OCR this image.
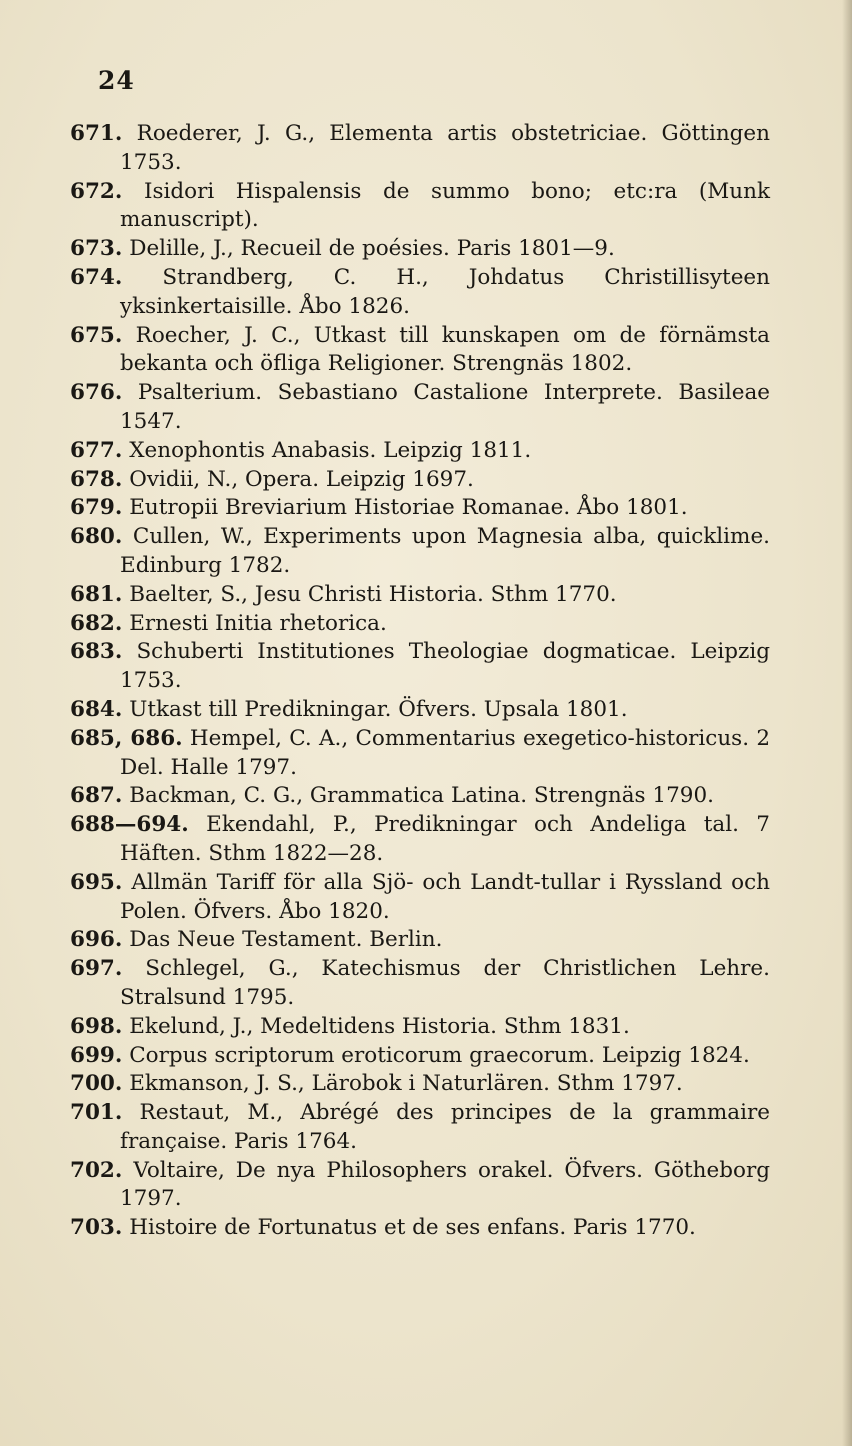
24

671. Roederer, J. G., Elementa artis obstetriciae. Göttingen 1753.

672. Isidori Hispalensis de summo bono; etc:ra (Munk manuscript).

673. Delille, J., Recueil de poésies. Paris 1801—9.

674. Strandberg, C. H., Johdatus Christillisyteen yksinkertaisille. Åbo 1826.

675. Roecher, J. C., Utkast till kunskapen om de förnämsta bekanta och öfliga Religioner. Strengnäs 1802.

676. Psalterium. Sebastiano Castalione Interprete. Basileae 1547.

677. Xenophontis Anabasis. Leipzig 1811.

678. Ovidii, N., Opera. Leipzig 1697.

679. Eutropii Breviarium Historiae Romanae. Åbo 1801.

680. Cullen, W., Experiments upon Magnesia alba, quicklime. Edinburg 1782.

681. Baelter, S., Jesu Christi Historia. Sthm 1770.

682. Ernesti Initia rhetorica.

683. Schuberti Institutiones Theologiae dogmaticae. Leipzig 1753.

684. Utkast till Predikningar. Öfvers. Upsala 1801.

685, 686. Hempel, C. A., Commentarius exegetico-historicus. 2 Del. Halle 1797.

687. Backman, C. G., Grammatica Latina. Strengnäs 1790.

688—694. Ekendahl, P., Predikningar och Andeliga tal. 7 Häften. Sthm 1822—28.

695. Allmän Tariff för alla Sjö- och Landt-tullar i Ryssland och Polen. Öfvers. Åbo 1820.

696. Das Neue Testament. Berlin.

697. Schlegel, G., Katechismus der Christlichen Lehre. Stralsund 1795.

698. Ekelund, J., Medeltidens Historia. Sthm 1831.

699. Corpus scriptorum eroticorum graecorum. Leipzig 1824.

700. Ekmanson, J. S., Lärobok i Naturlären. Sthm 1797.

701. Restaut, M., Abrégé des principes de la grammaire française. Paris 1764.

702. Voltaire, De nya Philosophers orakel. Öfvers. Götheborg 1797.

703. Histoire de Fortunatus et de ses enfans. Paris 1770.
